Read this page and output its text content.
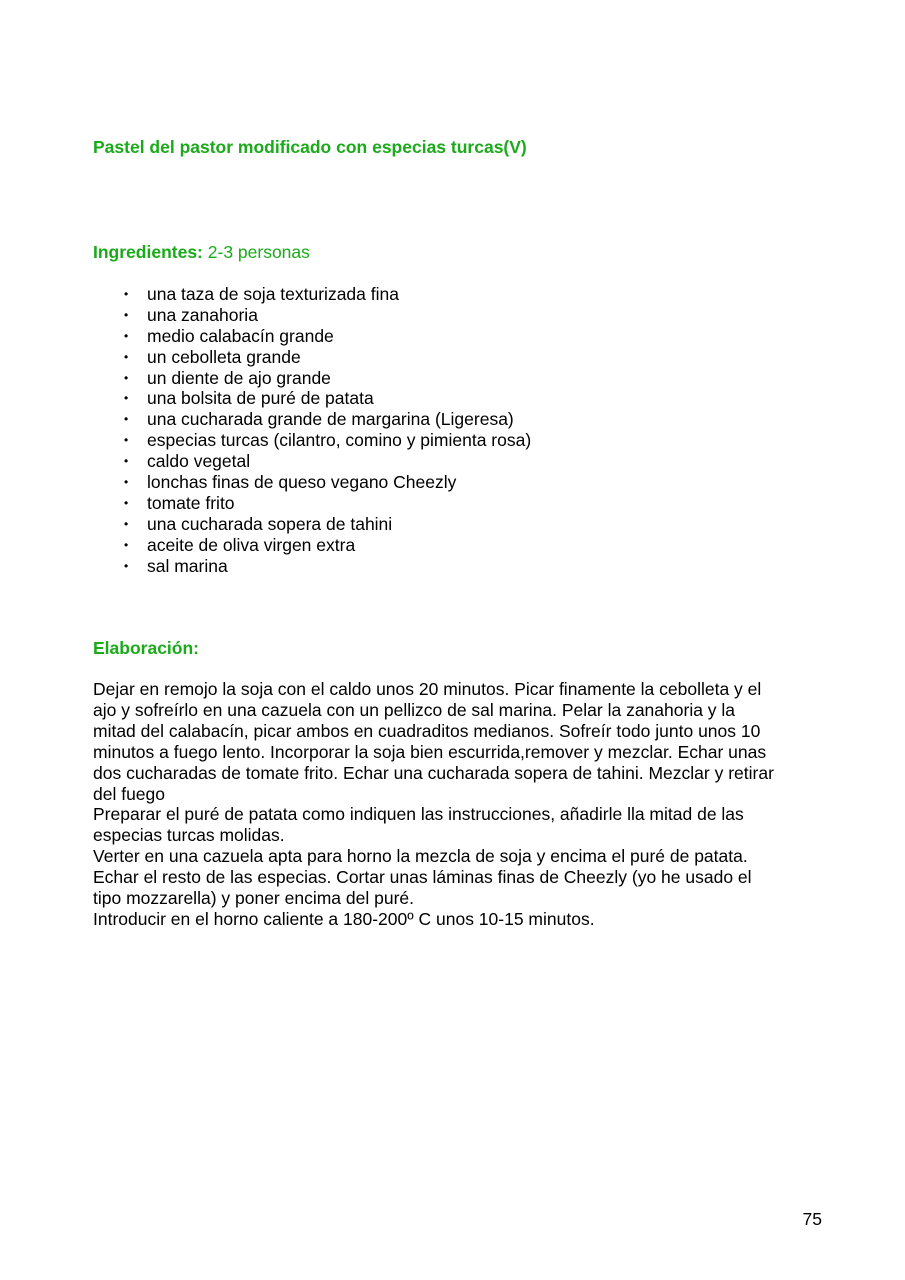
Pastel del pastor modificado con especias turcas(V)
Ingredientes: 2-3 personas
• una taza de soja texturizada fina
• una zanahoria
• medio calabacín grande
• un cebolleta grande
• un diente de ajo grande
• una bolsita de puré de patata
• una cucharada grande de margarina (Ligeresa)
• especias turcas (cilantro, comino y pimienta rosa)
• caldo vegetal
• lonchas finas de queso vegano Cheezly
• tomate frito
• una cucharada sopera de tahini
• aceite de oliva virgen extra
• sal marina
Elaboración:
Dejar en remojo la soja con el caldo unos 20 minutos. Picar finamente la cebolleta y el
ajo y sofreírlo en una cazuela con un pellizco de sal marina. Pelar la zanahoria y la
mitad del calabacín, picar ambos en cuadraditos medianos. Sofreír todo junto unos 10
minutos a fuego lento. Incorporar la soja bien escurrida,remover y mezclar. Echar unas
dos cucharadas de tomate frito. Echar una cucharada sopera de tahini. Mezclar y retirar
del fuego
Preparar el puré de patata como indiquen las instrucciones, añadirle lla mitad de las
especias turcas molidas.
Verter en una cazuela apta para horno la mezcla de soja y encima el puré de patata.
Echar el resto de las especias. Cortar unas láminas finas de Cheezly (yo he usado el
tipo mozzarella) y poner encima del puré.
Introducir en el horno caliente a 180-200º C unos 10-15 minutos.
75
